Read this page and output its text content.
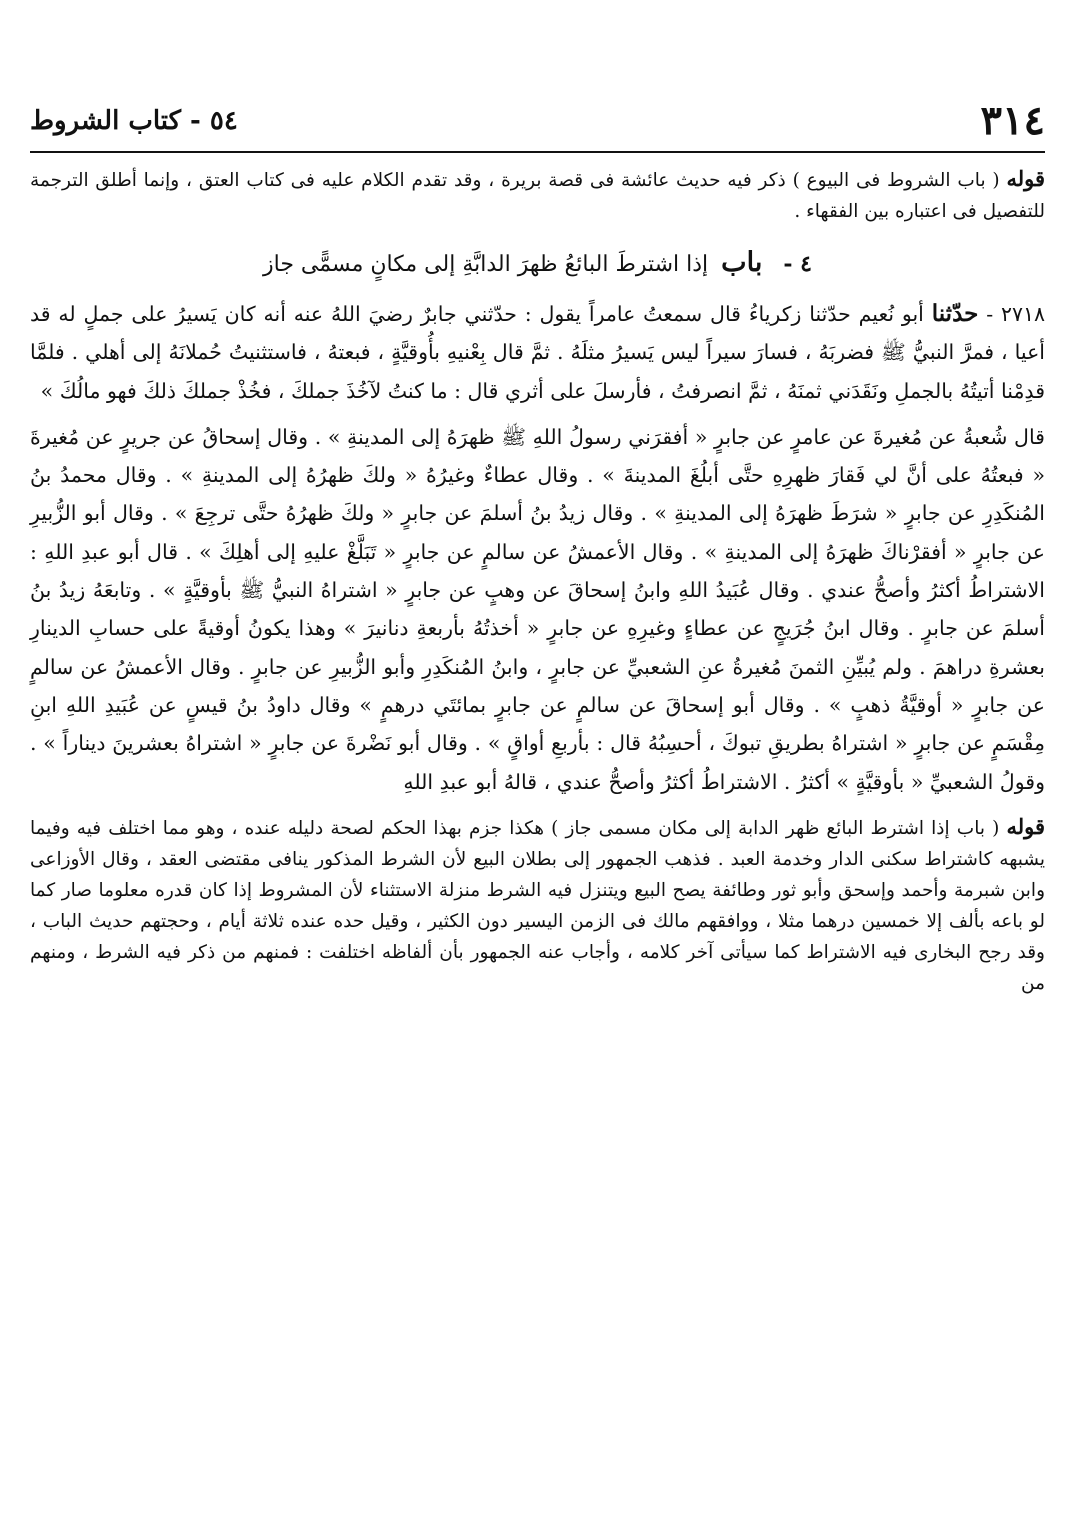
٣١٤
٥٤ - كتاب الشروط

قوله ( باب الشروط فى البيوع ) ذكر فيه حديث عائشة فى قصة بريرة ، وقد تقدم الكلام عليه فى كتاب العتق ، وإنما أطلق الترجمة للتفصيل فى اعتباره بين الفقهاء .

٤ - باب إذا اشترطَ البائعُ ظهرَ الدابَّةِ إلى مكانٍ مسمًّى جاز

٢٧١٨ - حدّثنا أبو نُعيم حدّثنا زكرياءُ قال سمعتُ عامراً يقول : حدّثني جابرٌ رضيَ اللهُ عنه أنه كان يَسيرُ على جملٍ له قد أعيا ، فمرَّ النبيُّ ﷺ فضربَهُ ، فسارَ سيراً ليس يَسيرُ مثلَهُ . ثمَّ قال بِعْنيهِ بأُوقيَّةٍ ، فبعتهُ ، فاستثنيتُ حُملانَهُ إلى أهلي . فلمَّا قدِمْنا أتيتُهُ بالجملِ ونَقَدَني ثمنَهُ ، ثمَّ انصرفتُ ، فأرسلَ على أثري قال : ما كنتُ لآخُذَ جملكَ ، فخُذْ جملكَ ذلكَ فهو مالُكَ »

قال شُعبةُ عن مُغيرةَ عن عامرٍ عن جابرٍ « أفقرَني رسولُ اللهِ ﷺ ظهرَهُ إلى المدينةِ » . وقال إسحاقُ عن جريرٍ عن مُغيرةَ « فبعتُهُ على أنَّ لي فَقارَ ظهرِهِ حتَّى أبلُغَ المدينةَ » . وقال عطاءٌ وغيرُهُ « ولكَ ظهرُهُ إلى المدينةِ » . وقال محمدُ بنُ المُنكَدِرِ عن جابرٍ « شرَطَ ظهرَهُ إلى المدينةِ » . وقال زيدُ بنُ أسلمَ عن جابرٍ « ولكَ ظهرُهُ حتَّى ترجِعَ » . وقال أبو الزُّبيرِ عن جابرٍ « أفقرْناكَ ظهرَهُ إلى المدينةِ » . وقال الأعمشُ عن سالمٍ عن جابرٍ « تَبَلَّغْ عليهِ إلى أهلِكَ » . قال أبو عبدِ اللهِ : الاشتراطُ أكثرُ وأصحُّ عندي . وقال عُبَيدُ اللهِ وابنُ إسحاقَ عن وهبٍ عن جابرٍ « اشتراهُ النبيُّ ﷺ بأوقيَّةٍ » . وتابعَهُ زيدُ بنُ أسلمَ عن جابرٍ . وقال ابنُ جُرَيجٍ عن عطاءٍ وغيرِهِ عن جابرٍ « أخذتُهُ بأربعةِ دنانيرَ » وهذا يكونُ أوقيةً على حسابِ الدينارِ بعشرةِ دراهمَ . ولم يُبيِّنِ الثمنَ مُغيرةُ عنِ الشعبيِّ عن جابرٍ ، وابنُ المُنكَدِرِ وأبو الزُّبيرِ عن جابرٍ . وقال الأعمشُ عن سالمٍ عن جابرٍ « أوقيَّةُ ذهبٍ » . وقال أبو إسحاقَ عن سالمٍ عن جابرٍ بمائتَي درهمٍ » وقال داودُ بنُ قيسٍ عن عُبَيدِ اللهِ ابنِ مِقْسَمٍ عن جابرٍ « اشتراهُ بطريقِ تبوكَ ، أحسِبُهُ قال : بأربعِ أواقٍ » . وقال أبو نَضْرةَ عن جابرٍ « اشتراهُ بعشرينَ ديناراً » . وقولُ الشعبيِّ « بأوقيَّةٍ » أكثرُ . الاشتراطُ أكثرُ وأصحُّ عندي ، قالهُ أبو عبدِ اللهِ

قوله ( باب إذا اشترط البائع ظهر الدابة إلى مكان مسمى جاز ) هكذا جزم بهذا الحكم لصحة دليله عنده ، وهو مما اختلف فيه وفيما يشبهه كاشتراط سكنى الدار وخدمة العبد . فذهب الجمهور إلى بطلان البيع لأن الشرط المذكور ينافى مقتضى العقد ، وقال الأوزاعى وابن شبرمة وأحمد وإسحق وأبو ثور وطائفة يصح البيع ويتنزل فيه الشرط منزلة الاستثناء لأن المشروط إذا كان قدره معلوما صار كما لو باعه بألف إلا خمسين درهما مثلا ، ووافقهم مالك فى الزمن اليسير دون الكثير ، وقيل حده عنده ثلاثة أيام ، وحجتهم حديث الباب ، وقد رجح البخارى فيه الاشتراط كما سيأتى آخر كلامه ، وأجاب عنه الجمهور بأن ألفاظه اختلفت : فمنهم من ذكر فيه الشرط ، ومنهم من
